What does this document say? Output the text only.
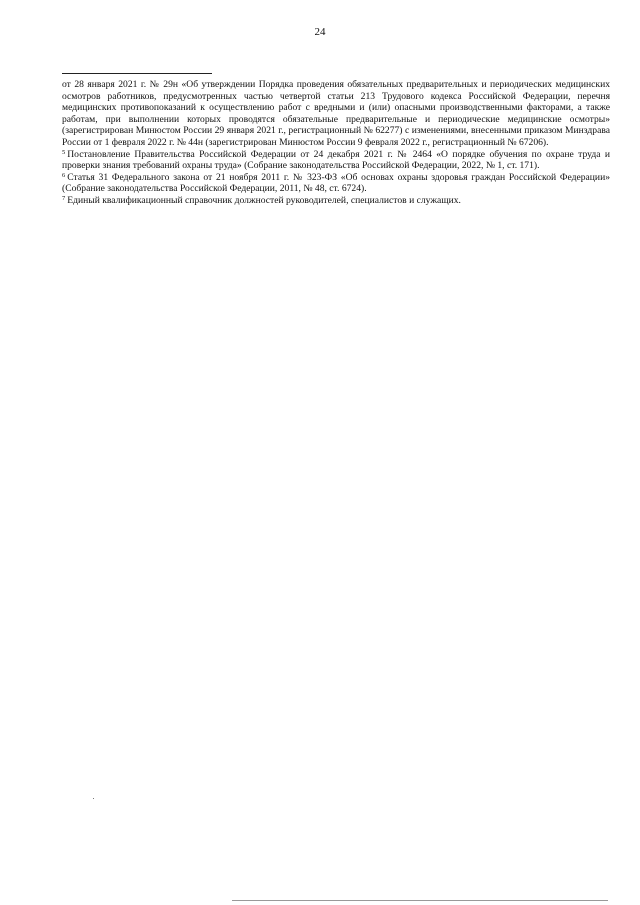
24

от 28 января 2021 г. № 29н «Об утверждении Порядка проведения обязательных предварительных и периодических медицинских осмотров работников, предусмотренных частью четвертой статьи 213 Трудового кодекса Российской Федерации, перечня медицинских противопоказаний к осуществлению работ с вредными и (или) опасными производственными факторами, а также работам, при выполнении которых проводятся обязательные предварительные и периодические медицинские осмотры» (зарегистрирован Минюстом России 29 января 2021 г., регистрационный № 62277) с изменениями, внесенными приказом Минздрава России от 1 февраля 2022 г. № 44н (зарегистрирован Минюстом России 9 февраля 2022 г., регистрационный № 67206).

$^5$ Постановление Правительства Российской Федерации от 24 декабря 2021 г. № 2464 «О порядке обучения по охране труда и проверки знания требований охраны труда» (Собрание законодательства Российской Федерации, 2022, № 1, ст. 171).

$^6$ Статья 31 Федерального закона от 21 ноября 2011 г. № 323-ФЗ «Об основах охраны здоровья граждан Российской Федерации» (Собрание законодательства Российской Федерации, 2011, № 48, ст. 6724).

$^7$ Единый квалификационный справочник должностей руководителей, специалистов и служащих.
